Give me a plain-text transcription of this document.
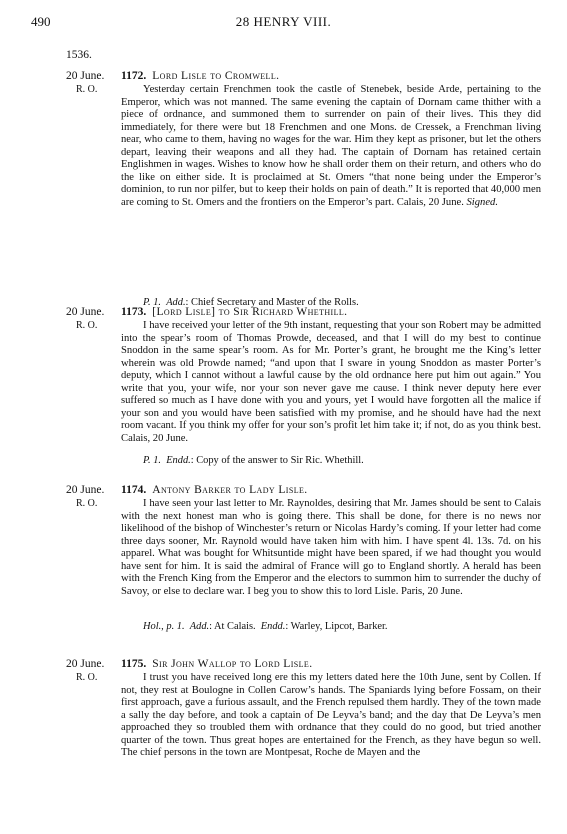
490	28 HENRY VIII.
1536.
20 June.
R. O.
1172. Lord Lisle to Cromwell.
Yesterday certain Frenchmen took the castle of Stenebek, beside Arde, pertaining to the Emperor, which was not manned. The same evening the captain of Dornam came thither with a piece of ordnance, and summoned them to surrender on pain of their lives. This they did immediately, for there were but 18 Frenchmen and one Mons. de Cressek, a Frenchman living near, who came to them, having no wages for the war. Him they kept as prisoner, but let the others depart, leaving their weapons and all they had. The captain of Dornam has retained certain Englishmen in wages. Wishes to know how he shall order them on their return, and others who do the like on either side. It is proclaimed at St. Omers “that none being under the Emperor’s dominion, to run nor pilfer, but to keep their holds on pain of death.” It is reported that 40,000 men are coming to St. Omers and the frontiers on the Emperor’s part. Calais, 20 June. Signed.
P. 1. Add.: Chief Secretary and Master of the Rolls.
20 June.
R. O.
1173. [Lord Lisle] to Sir Richard Whethill.
I have received your letter of the 9th instant, requesting that your son Robert may be admitted into the spear’s room of Thomas Prowde, deceased, and that I will do my best to continue Snoddon in the same spear’s room. As for Mr. Porter’s grant, he brought me the King’s letter wherein was old Prowde named; “and upon that I sware in young Snoddon as master Porter’s deputy, which I cannot without a lawful cause by the old ordnance here put him out again.” You write that you, your wife, nor your son never gave me cause. I think never deputy here ever suffered so much as I have done with you and yours, yet I would have forgotten all the malice if your son and you would have been satisfied with my promise, and he should have had the next room vacant. If you think my offer for your son’s profit let him take it; if not, do as you think best. Calais, 20 June.
P. 1. Endd.: Copy of the answer to Sir Ric. Whethill.
20 June.
R. O.
1174. Antony Barker to Lady Lisle.
I have seen your last letter to Mr. Raynoldes, desiring that Mr. James should be sent to Calais with the next honest man who is going there. This shall be done, for there is no news nor likelihood of the bishop of Winchester’s return or Nicolas Hardy’s coming. If your letter had come three days sooner, Mr. Raynold would have taken him with him. I have spent 4l. 13s. 7d. on his apparel. What was bought for Whitsuntide might have been spared, if we had thought you would have sent for him. It is said the admiral of France will go to England shortly. A herald has been with the French King from the Emperor and the electors to summon him to surrender the duchy of Savoy, or else to declare war. I beg you to show this to lord Lisle. Paris, 20 June.
Hol., p. 1. Add.: At Calais. Endd.: Warley, Lipcot, Barker.
20 June.
R. O.
1175. Sir John Wallop to Lord Lisle.
I trust you have received long ere this my letters dated here the 10th June, sent by Collen. If not, they rest at Boulogne in Collen Carow’s hands. The Spaniards lying before Fossam, on their first approach, gave a furious assault, and the French repulsed them hardly. They of the town made a sally the day before, and took a captain of De Leyva’s band; and the day that De Leyva’s men approached they so troubled them with ordnance that they could do no good, but tried another quarter of the town. Thus great hopes are entertained for the French, as they have begun so well. The chief persons in the town are Montpesat, Roche de Mayen and the
